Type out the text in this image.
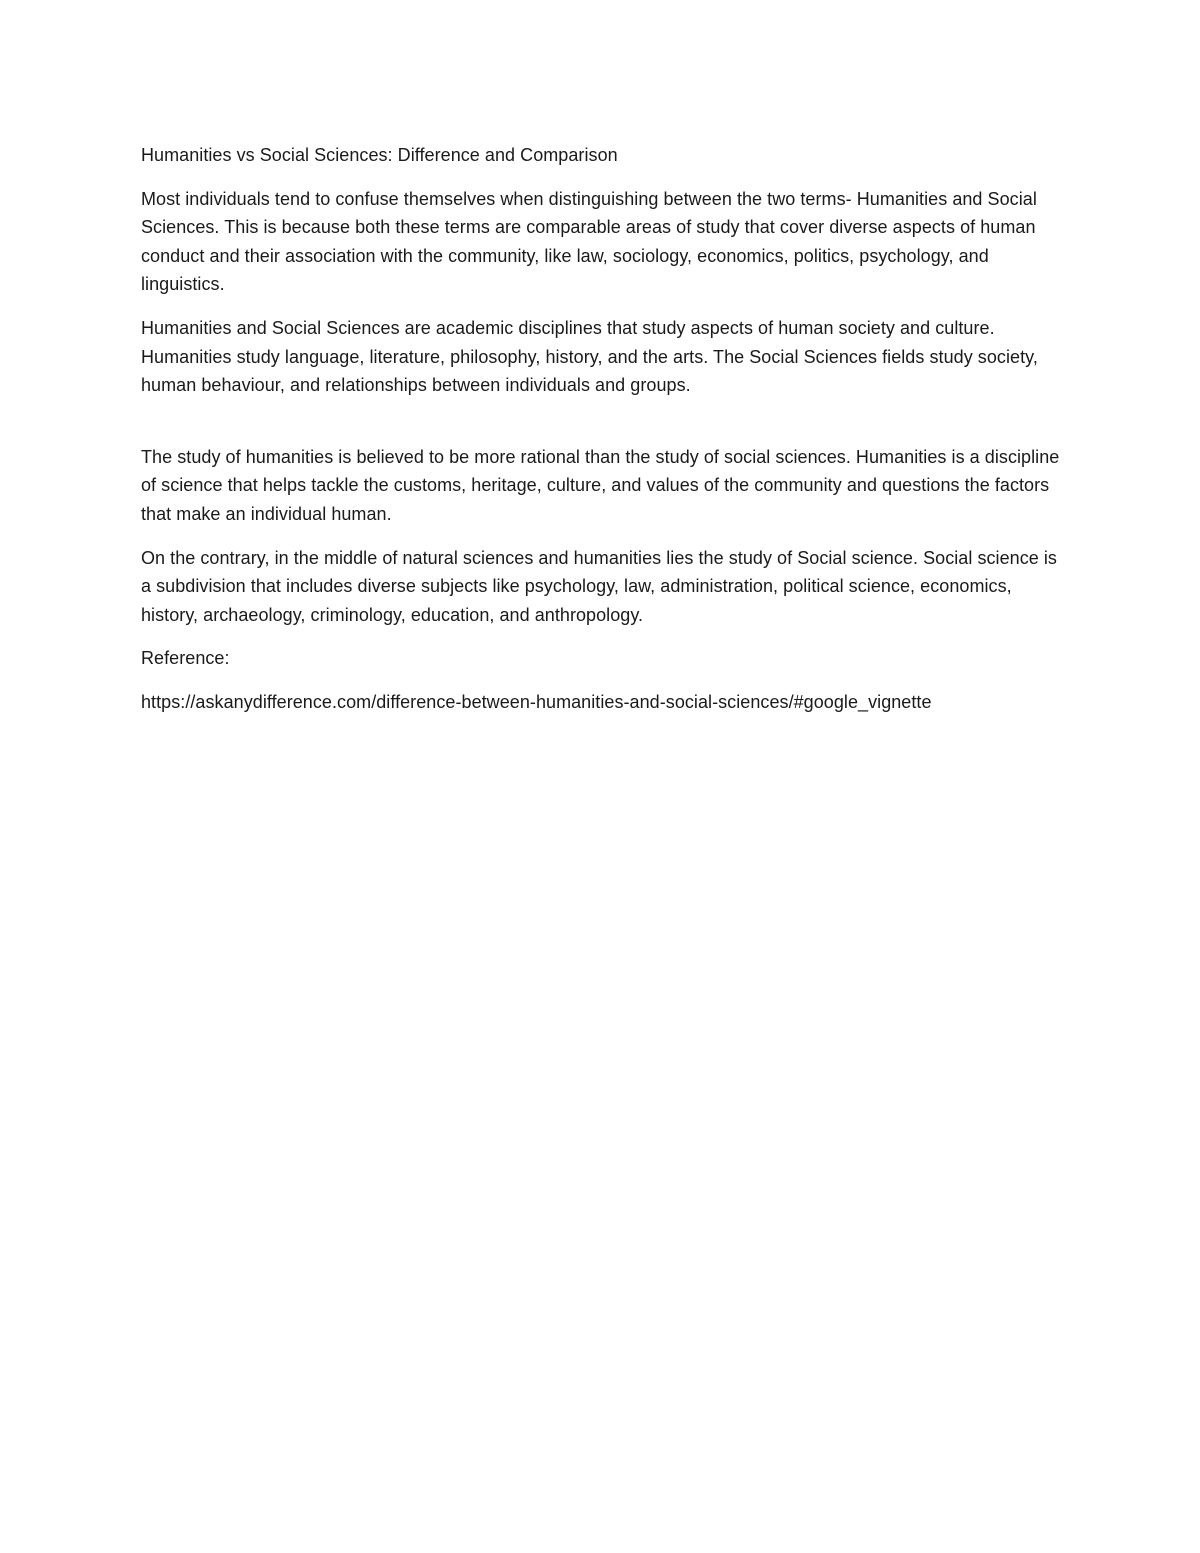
Humanities vs Social Sciences: Difference and Comparison

Most individuals tend to confuse themselves when distinguishing between the two terms- Humanities and Social Sciences. This is because both these terms are comparable areas of study that cover diverse aspects of human conduct and their association with the community, like law, sociology, economics, politics, psychology, and linguistics.

Humanities and Social Sciences are academic disciplines that study aspects of human society and culture. Humanities study language, literature, philosophy, history, and the arts. The Social Sciences fields study society, human behaviour, and relationships between individuals and groups.

The study of humanities is believed to be more rational than the study of social sciences. Humanities is a discipline of science that helps tackle the customs, heritage, culture, and values of the community and questions the factors that make an individual human.

On the contrary, in the middle of natural sciences and humanities lies the study of Social science. Social science is a subdivision that includes diverse subjects like psychology, law, administration, political science, economics, history, archaeology, criminology, education, and anthropology.

Reference:

https://askanydifference.com/difference-between-humanities-and-social-sciences/#google_vignette
